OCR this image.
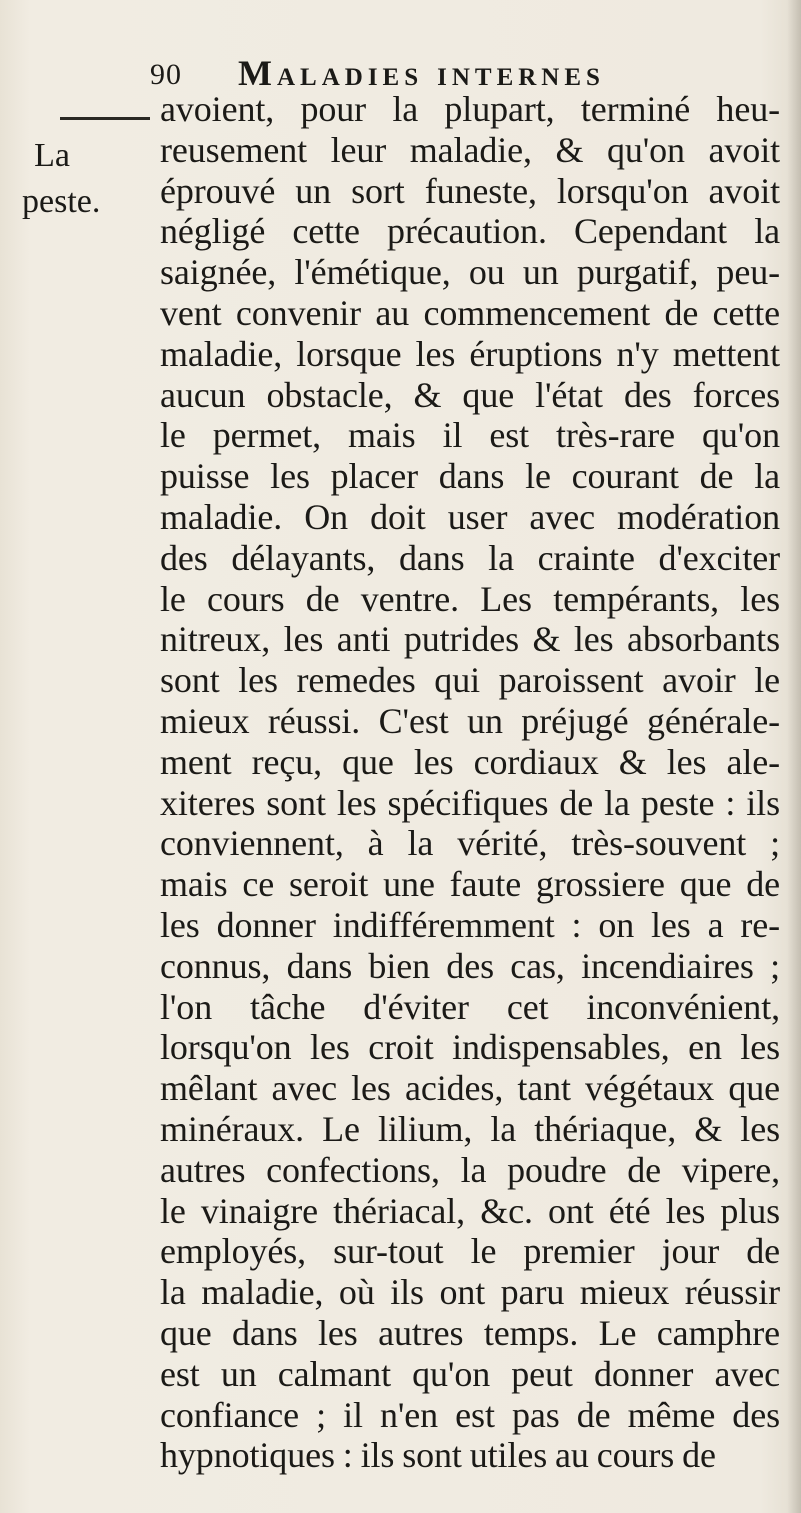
90 Maladies internes
La
peste.
avoient, pour la plupart, terminé heu-
reusement leur maladie, & qu'on avoit
éprouvé un sort funeste, lorsqu'on avoit
négligé cette précaution. Cependant la
saignée, l'émétique, ou un purgatif, peu-
vent convenir au commencement de cette
maladie, lorsque les éruptions n'y mettent
aucun obstacle, & que l'état des forces
le permet, mais il est très-rare qu'on
puisse les placer dans le courant de la
maladie. On doit user avec modération
des délayants, dans la crainte d'exciter
le cours de ventre. Les tempérants, les
nitreux, les anti putrides & les absorbants
sont les remedes qui paroissent avoir le
mieux réussi. C'est un préjugé générale-
ment reçu, que les cordiaux & les ale-
xiteres sont les spécifiques de la peste : ils
conviennent, à la vérité, très-souvent ;
mais ce seroit une faute grossiere que de
les donner indifféremment : on les a re-
connus, dans bien des cas, incendiaires ;
l'on tâche d'éviter cet inconvénient,
lorsqu'on les croit indispensables, en les
mêlant avec les acides, tant végétaux que
minéraux. Le lilium, la thériaque, & les
autres confections, la poudre de vipere,
le vinaigre thériacal, &c. ont été les plus
employés, sur-tout le premier jour de
la maladie, où ils ont paru mieux réussir
que dans les autres temps. Le camphre
est un calmant qu'on peut donner avec
confiance ; il n'en est pas de même des
hypnotiques : ils sont utiles au cours de
